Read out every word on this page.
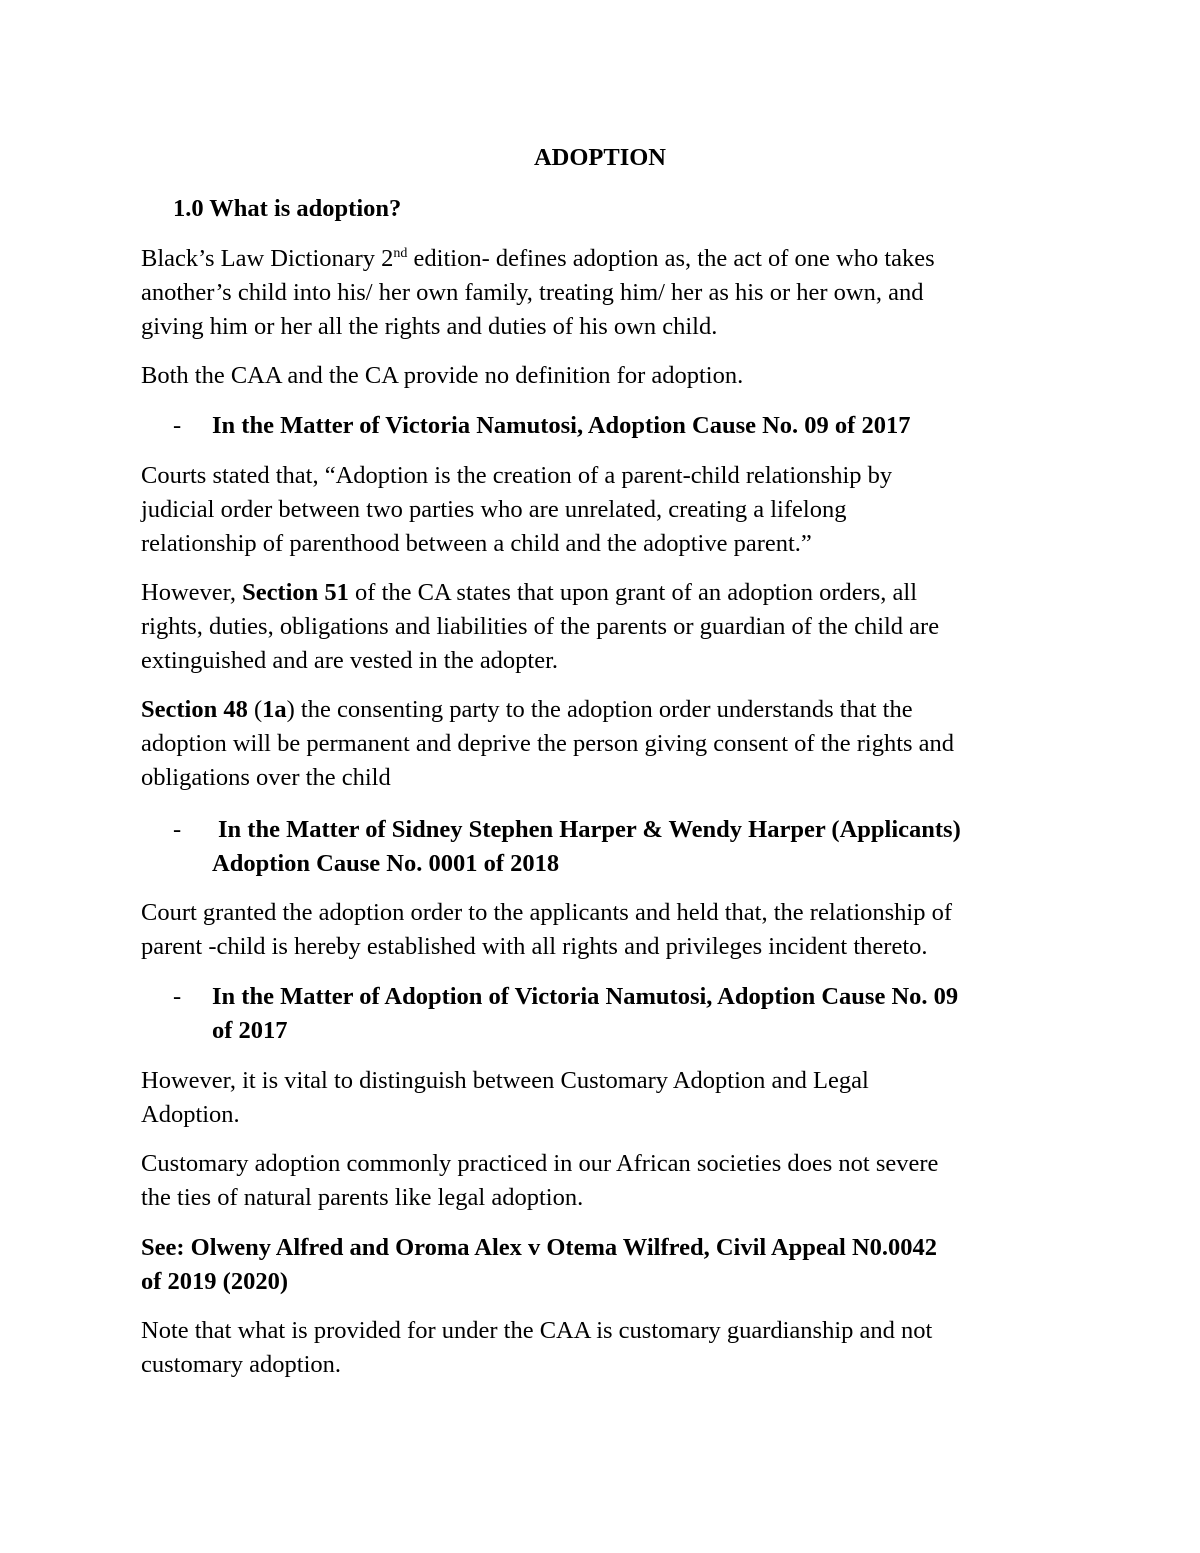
ADOPTION

1.0 What is adoption?

Black’s Law Dictionary 2nd edition- defines adoption as, the act of one who takes

another’s child into his/ her own family, treating him/ her as his or her own, and

giving him or her all the rights and duties of his own child.

Both the CAA and the CA provide no definition for adoption.

- In the Matter of Victoria Namutosi, Adoption Cause No. 09 of 2017

Courts stated that, “Adoption is the creation of a parent-child relationship by

judicial order between two parties who are unrelated, creating a lifelong

relationship of parenthood between a child and the adoptive parent.”

However, Section 51 of the CA states that upon grant of an adoption orders, all

rights, duties, obligations and liabilities of the parents or guardian of the child are

extinguished and are vested in the adopter.

Section 48 (1a) the consenting party to the adoption order understands that the

adoption will be permanent and deprive the person giving consent of the rights and

obligations over the child

- In the Matter of Sidney Stephen Harper & Wendy Harper (Applicants)

Adoption Cause No. 0001 of 2018

Court granted the adoption order to the applicants and held that, the relationship of

parent -child is hereby established with all rights and privileges incident thereto.

- In the Matter of Adoption of Victoria Namutosi, Adoption Cause No. 09

of 2017

However, it is vital to distinguish between Customary Adoption and Legal

Adoption.

Customary adoption commonly practiced in our African societies does not severe

the ties of natural parents like legal adoption.

See: Olweny Alfred and Oroma Alex v Otema Wilfred, Civil Appeal N0.0042

of 2019 (2020)

Note that what is provided for under the CAA is customary guardianship and not

customary adoption.
